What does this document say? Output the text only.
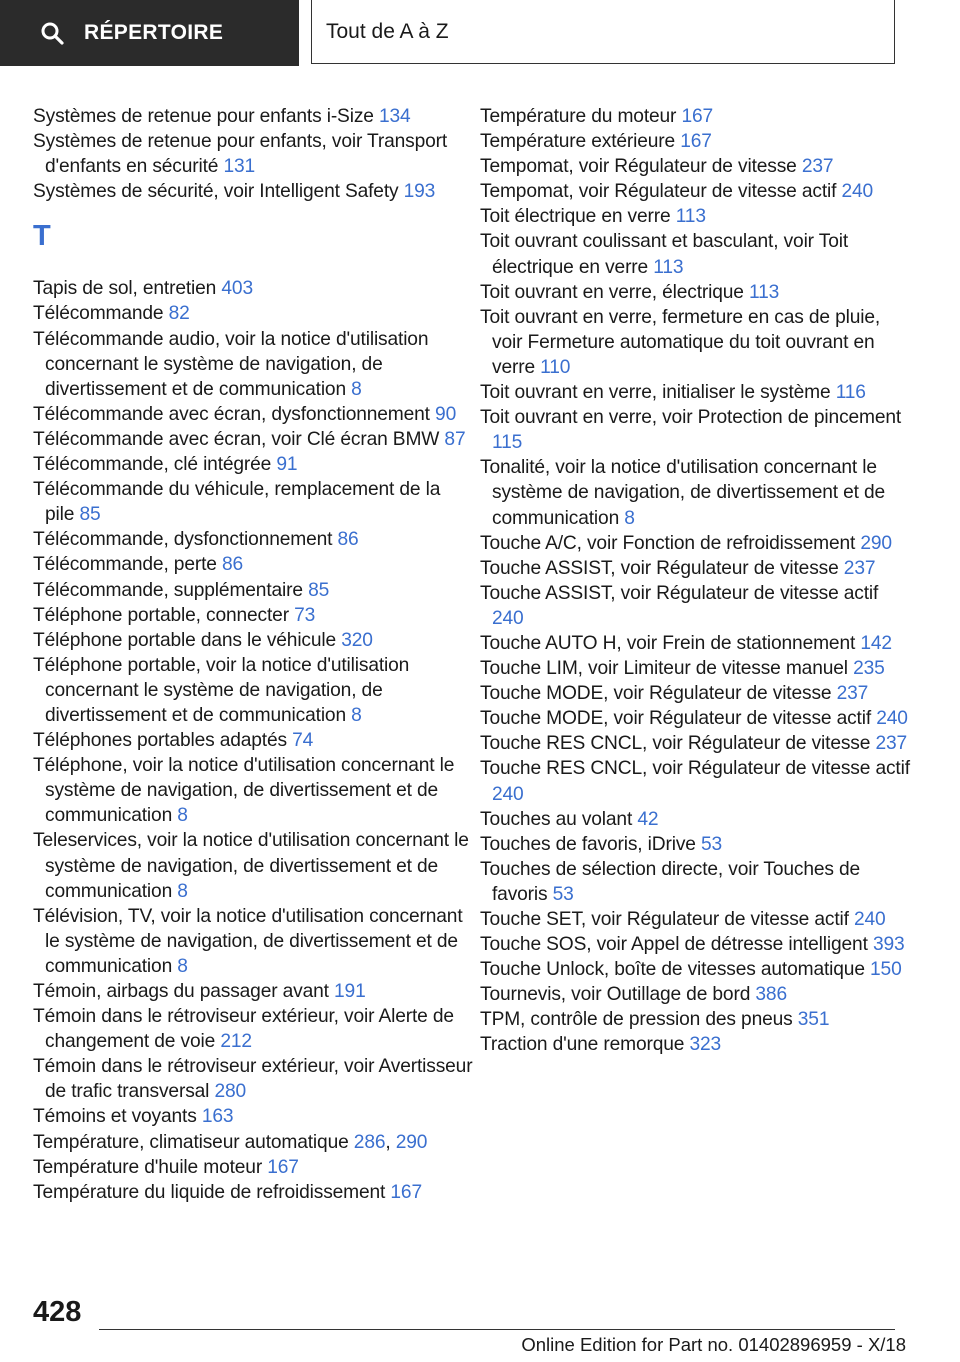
RÉPERTOIRE	Tout de A à Z
Systèmes de retenue pour enfants i-Size 134
Systèmes de retenue pour enfants, voir Transport d'enfants en sécurité 131
Systèmes de sécurité, voir Intelligent Safety 193
T
Tapis de sol, entretien 403
Télécommande 82
Télécommande audio, voir la notice d'utilisation concernant le système de navigation, de divertissement et de communication 8
Télécommande avec écran, dysfonctionnement 90
Télécommande avec écran, voir Clé écran BMW 87
Télécommande, clé intégrée 91
Télécommande du véhicule, remplacement de la pile 85
Télécommande, dysfonctionnement 86
Télécommande, perte 86
Télécommande, supplémentaire 85
Téléphone portable, connecter 73
Téléphone portable dans le véhicule 320
Téléphone portable, voir la notice d'utilisation concernant le système de navigation, de divertissement et de communication 8
Téléphones portables adaptés 74
Téléphone, voir la notice d'utilisation concernant le système de navigation, de divertissement et de communication 8
Teleservices, voir la notice d'utilisation concernant le système de navigation, de divertissement et de communication 8
Télévision, TV, voir la notice d'utilisation concernant le système de navigation, de divertissement et de communication 8
Témoin, airbags du passager avant 191
Témoin dans le rétroviseur extérieur, voir Alerte de changement de voie 212
Témoin dans le rétroviseur extérieur, voir Avertisseur de trafic transversal 280
Témoins et voyants 163
Température, climatiseur automatique 286, 290
Température d'huile moteur 167
Température du liquide de refroidissement 167
Température du moteur 167
Température extérieure 167
Tempomat, voir Régulateur de vitesse 237
Tempomat, voir Régulateur de vitesse actif 240
Toit électrique en verre 113
Toit ouvrant coulissant et basculant, voir Toit électrique en verre 113
Toit ouvrant en verre, électrique 113
Toit ouvrant en verre, fermeture en cas de pluie, voir Fermeture automatique du toit ouvrant en verre 110
Toit ouvrant en verre, initialiser le système 116
Toit ouvrant en verre, voir Protection de pincement 115
Tonalité, voir la notice d'utilisation concernant le système de navigation, de divertissement et de communication 8
Touche A/C, voir Fonction de refroidissement 290
Touche ASSIST, voir Régulateur de vitesse 237
Touche ASSIST, voir Régulateur de vitesse actif 240
Touche AUTO H, voir Frein de stationnement 142
Touche LIM, voir Limiteur de vitesse manuel 235
Touche MODE, voir Régulateur de vitesse 237
Touche MODE, voir Régulateur de vitesse actif 240
Touche RES CNCL, voir Régulateur de vitesse 237
Touche RES CNCL, voir Régulateur de vitesse actif 240
Touches au volant 42
Touches de favoris, iDrive 53
Touches de sélection directe, voir Touches de favoris 53
Touche SET, voir Régulateur de vitesse actif 240
Touche SOS, voir Appel de détresse intelligent 393
Touche Unlock, boîte de vitesses automatique 150
Tournevis, voir Outillage de bord 386
TPM, contrôle de pression des pneus 351
Traction d'une remorque 323
428
Online Edition for Part no. 01402896959 - X/18
